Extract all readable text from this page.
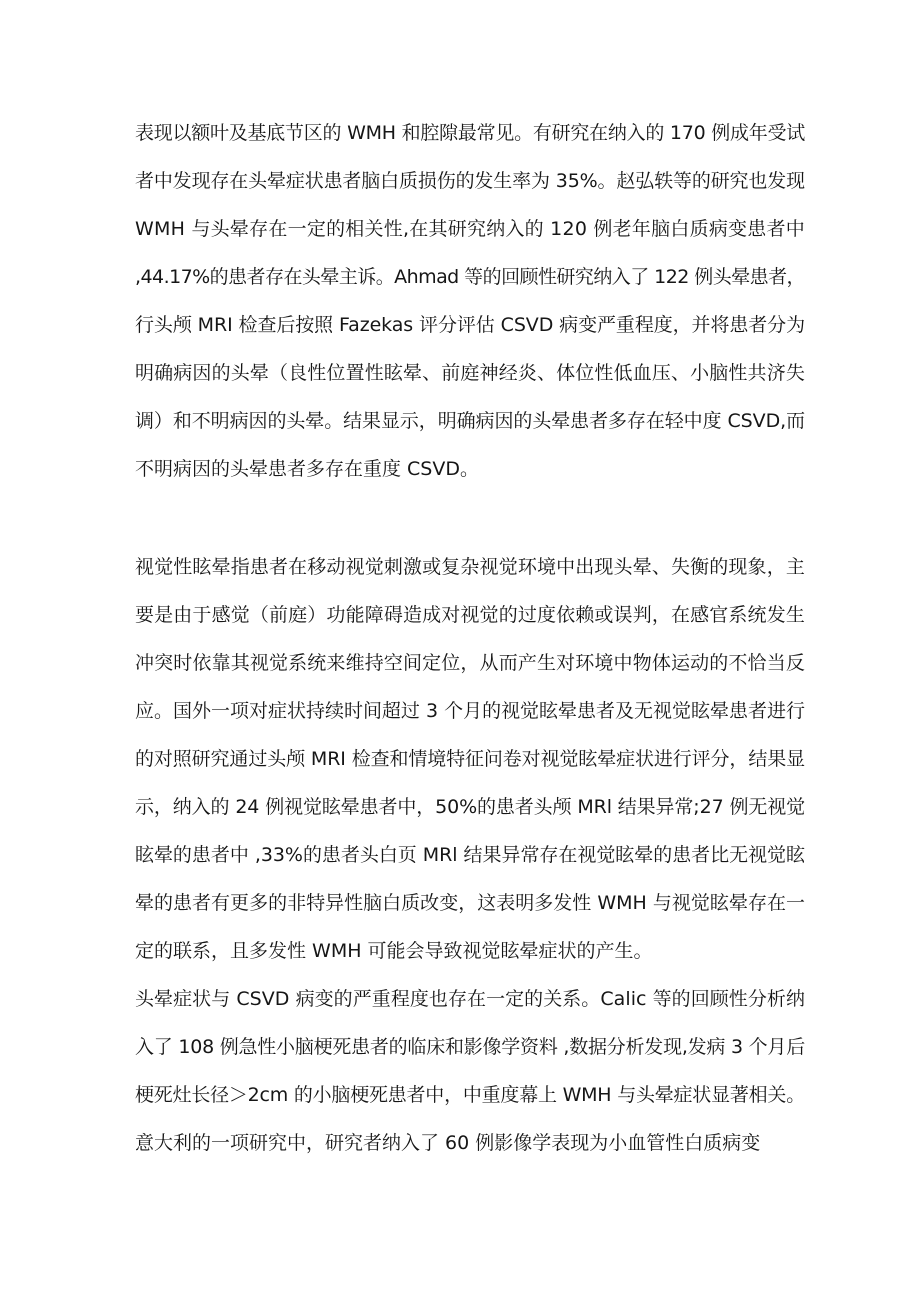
表现以额叶及基底节区的 WMH 和腔隙最常见。有研究在纳入的 170 例成年受试
者中发现存在头晕症状患者脑白质损伤的发生率为 35%。赵弘轶等的研究也发现
WMH 与头晕存在一定的相关性,在其研究纳入的 120 例老年脑白质病变患者中
,44.17%的患者存在头晕主诉。Ahmad 等的回顾性研究纳入了 122 例头晕患者，
行头颅 MRI 检查后按照 Fazekas 评分评估 CSVD 病变严重程度，并将患者分为
明确病因的头晕（良性位置性眩晕、前庭神经炎、体位性低血压、小脑性共济失
调）和不明病因的头晕。结果显示，明确病因的头晕患者多存在轻中度 CSVD,而
不明病因的头晕患者多存在重度 CSVD。
视觉性眩晕指患者在移动视觉刺激或复杂视觉环境中出现头晕、失衡的现象，主
要是由于感觉（前庭）功能障碍造成对视觉的过度依赖或误判，在感官系统发生
冲突时依靠其视觉系统来维持空间定位，从而产生对环境中物体运动的不恰当反
应。国外一项对症状持续时间超过 3 个月的视觉眩晕患者及无视觉眩晕患者进行
的对照研究通过头颅 MRI 检查和情境特征问卷对视觉眩晕症状进行评分，结果显
示，纳入的 24 例视觉眩晕患者中，50%的患者头颅 MRl 结果异常;27 例无视觉
眩晕的患者中 ,33%的患者头白页 MRl 结果异常存在视觉眩晕的患者比无视觉眩
晕的患者有更多的非特异性脑白质改变，这表明多发性 WMH 与视觉眩晕存在一
定的联系，且多发性 WMH 可能会导致视觉眩晕症状的产生。
头晕症状与 CSVD 病变的严重程度也存在一定的关系。Calic 等的回顾性分析纳
入了 108 例急性小脑梗死患者的临床和影像学资料 ,数据分析发现,发病 3 个月后
梗死灶长径＞2cm 的小脑梗死患者中，中重度幕上 WMH 与头晕症状显著相关。
意大利的一项研究中，研究者纳入了 60 例影像学表现为小血管性白质病变
